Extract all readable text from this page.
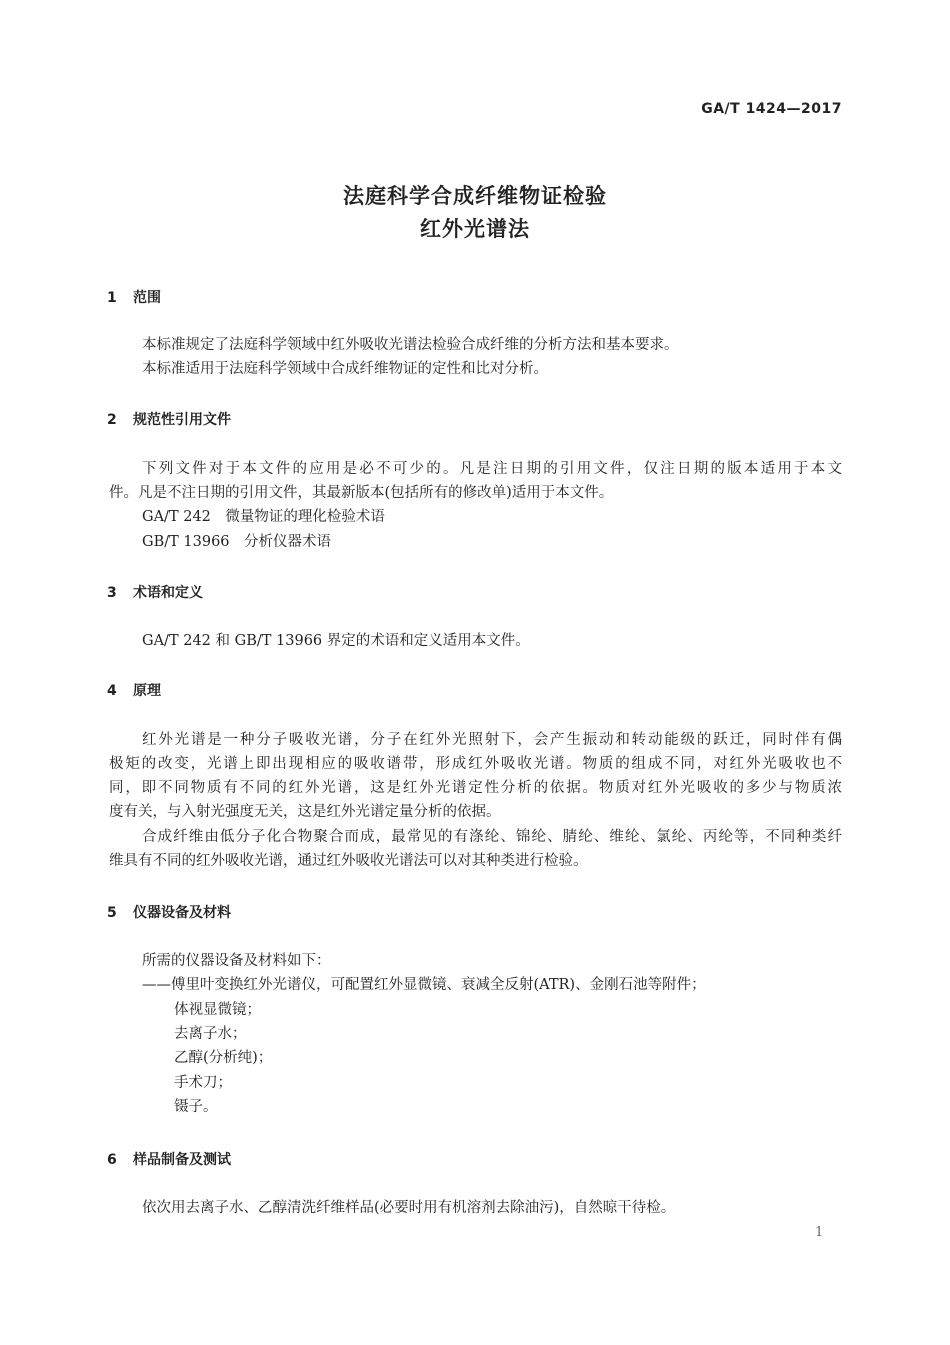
GA/T 1424—2017
法庭科学合成纤维物证检验
红外光谱法
1 范围
本标准规定了法庭科学领域中红外吸收光谱法检验合成纤维的分析方法和基本要求。
本标准适用于法庭科学领域中合成纤维物证的定性和比对分析。
2 规范性引用文件
下列文件对于本文件的应用是必不可少的。凡是注日期的引用文件，仅注日期的版本适用于本文
件。凡是不注日期的引用文件，其最新版本(包括所有的修改单)适用于本文件。
GA/T 242　微量物证的理化检验术语
GB/T 13966　分析仪器术语
3 术语和定义
GA/T 242 和 GB/T 13966 界定的术语和定义适用本文件。
4 原理
红外光谱是一种分子吸收光谱，分子在红外光照射下，会产生振动和转动能级的跃迁，同时伴有偶
极矩的改变，光谱上即出现相应的吸收谱带，形成红外吸收光谱。物质的组成不同，对红外光吸收也不
同，即不同物质有不同的红外光谱，这是红外光谱定性分析的依据。物质对红外光吸收的多少与物质浓
度有关，与入射光强度无关，这是红外光谱定量分析的依据。
合成纤维由低分子化合物聚合而成，最常见的有涤纶、锦纶、腈纶、维纶、氯纶、丙纶等，不同种类纤
维具有不同的红外吸收光谱，通过红外吸收光谱法可以对其种类进行检验。
5 仪器设备及材料
所需的仪器设备及材料如下：
——傅里叶变换红外光谱仪，可配置红外显微镜、衰减全反射(ATR)、金刚石池等附件；
体视显微镜；
去离子水；
乙醇(分析纯)；
手术刀；
镊子。
6 样品制备及测试
依次用去离子水、乙醇清洗纤维样品(必要时用有机溶剂去除油污)，自然晾干待检。
1
